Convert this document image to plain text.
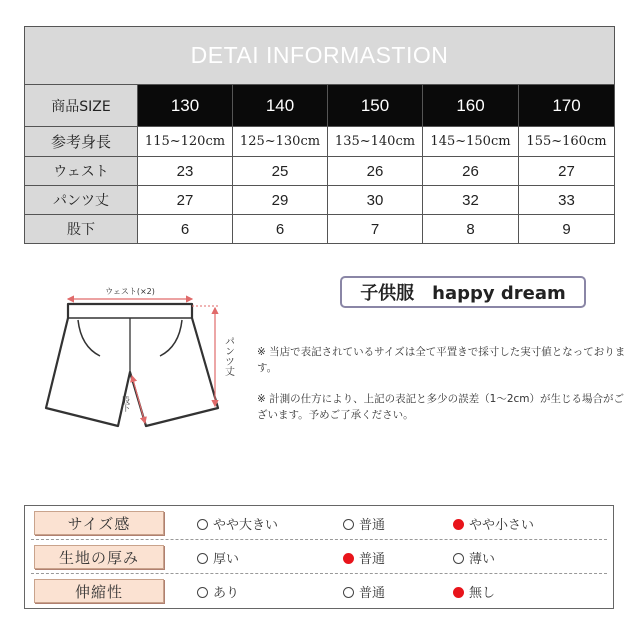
DETAI INFORMASTION					
商品SIZE	130	140	150	160	170
参考身長	115~120cm	125~130cm	135~140cm	145~150cm	155~160cm
ウェスト	23	25	26	26	27
パンツ丈	27	29	30	32	33
股下	6	6	7	8	9
ウェスト(×2)
パンツ丈
股下
子供服　happy dream
※ 当店で表記されているサイズは全て平置きで採寸した実寸値となっております。
※ 計測の仕方により、上記の表記と多少の誤差（1～2cm）が生じる場合がございます。予めご了承ください。
サイズ感	やや大きい	普通	やや小さい
生地の厚み	厚い	普通	薄い
伸縮性	あり	普通	無し
